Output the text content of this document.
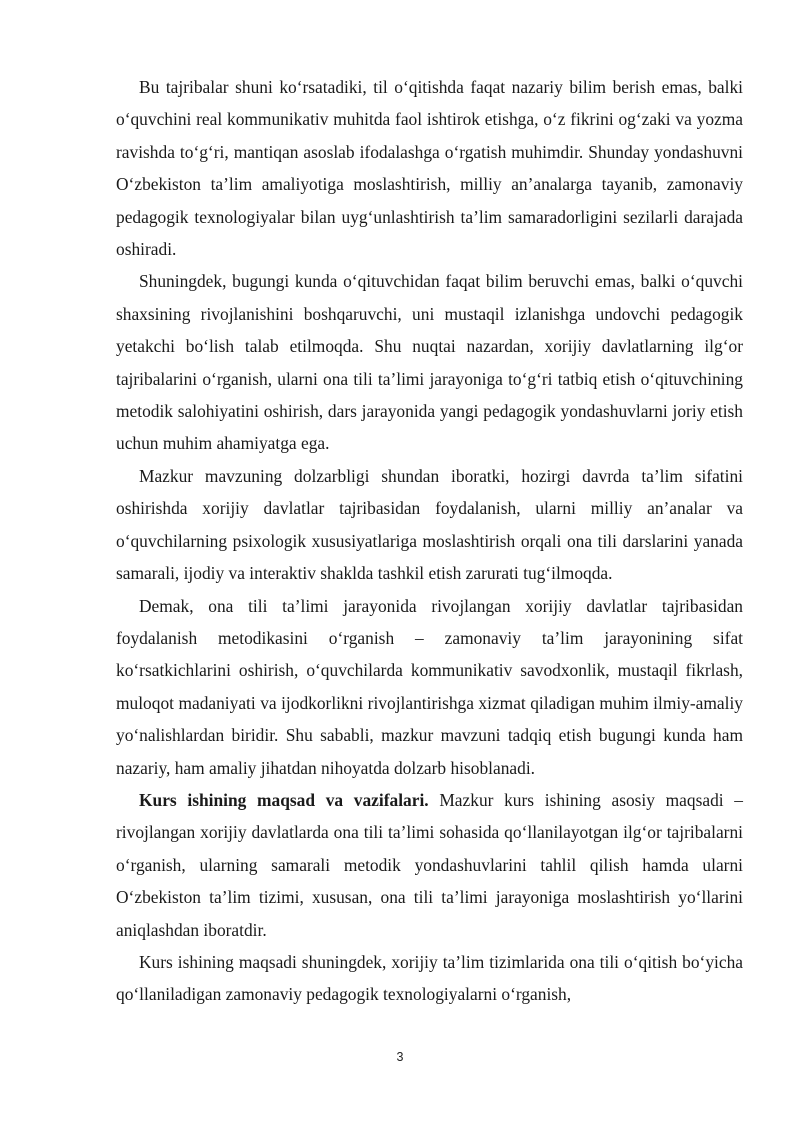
Bu tajribalar shuni ko‘rsatadiki, til o‘qitishda faqat nazariy bilim berish emas, balki o‘quvchini real kommunikativ muhitda faol ishtirok etishga, o‘z fikrini og‘zaki va yozma ravishda to‘g‘ri, mantiqan asoslab ifodalashga o‘rgatish muhimdir. Shunday yondashuvni O‘zbekiston ta’lim amaliyotiga moslashtirish, milliy an’analarga tayanib, zamonaviy pedagogik texnologiyalar bilan uyg‘unlashtirish ta’lim samaradorligini sezilarli darajada oshiradi.

Shuningdek, bugungi kunda o‘qituvchidan faqat bilim beruvchi emas, balki o‘quvchi shaxsining rivojlanishini boshqaruvchi, uni mustaqil izlanishga undovchi pedagogik yetakchi bo‘lish talab etilmoqda. Shu nuqtai nazardan, xorijiy davlatlarning ilg‘or tajribalarini o‘rganish, ularni ona tili ta’limi jarayoniga to‘g‘ri tatbiq etish o‘qituvchining metodik salohiyatini oshirish, dars jarayonida yangi pedagogik yondashuvlarni joriy etish uchun muhim ahamiyatga ega.

Mazkur mavzuning dolzarbligi shundan iboratki, hozirgi davrda ta’lim sifatini oshirishda xorijiy davlatlar tajribasidan foydalanish, ularni milliy an’analar va o‘quvchilarning psixologik xususiyatlariga moslashtirish orqali ona tili darslarini yanada samarali, ijodiy va interaktiv shaklda tashkil etish zarurati tug‘ilmoqda.

Demak, ona tili ta’limi jarayonida rivojlangan xorijiy davlatlar tajribasidan foydalanish metodikasini o‘rganish – zamonaviy ta’lim jarayonining sifat ko‘rsatkichlarini oshirish, o‘quvchilarda kommunikativ savodxonlik, mustaqil fikrlash, muloqot madaniyati va ijodkorlikni rivojlantirishga xizmat qiladigan muhim ilmiy-amaliy yo‘nalishlardan biridir. Shu sababli, mazkur mavzuni tadqiq etish bugungi kunda ham nazariy, ham amaliy jihatdan nihoyatda dolzarb hisoblanadi.

Kurs ishining maqsad va vazifalari. Mazkur kurs ishining asosiy maqsadi – rivojlangan xorijiy davlatlarda ona tili ta’limi sohasida qo‘llanilayotgan ilg‘or tajribalarni o‘rganish, ularning samarali metodik yondashuvlarini tahlil qilish hamda ularni O‘zbekiston ta’lim tizimi, xususan, ona tili ta’limi jarayoniga moslashtirish yo‘llarini aniqlashdan iboratdir.

Kurs ishining maqsadi shuningdek, xorijiy ta’lim tizimlarida ona tili o‘qitish bo‘yicha qo‘llaniladigan zamonaviy pedagogik texnologiyalarni o‘rganish,

3
